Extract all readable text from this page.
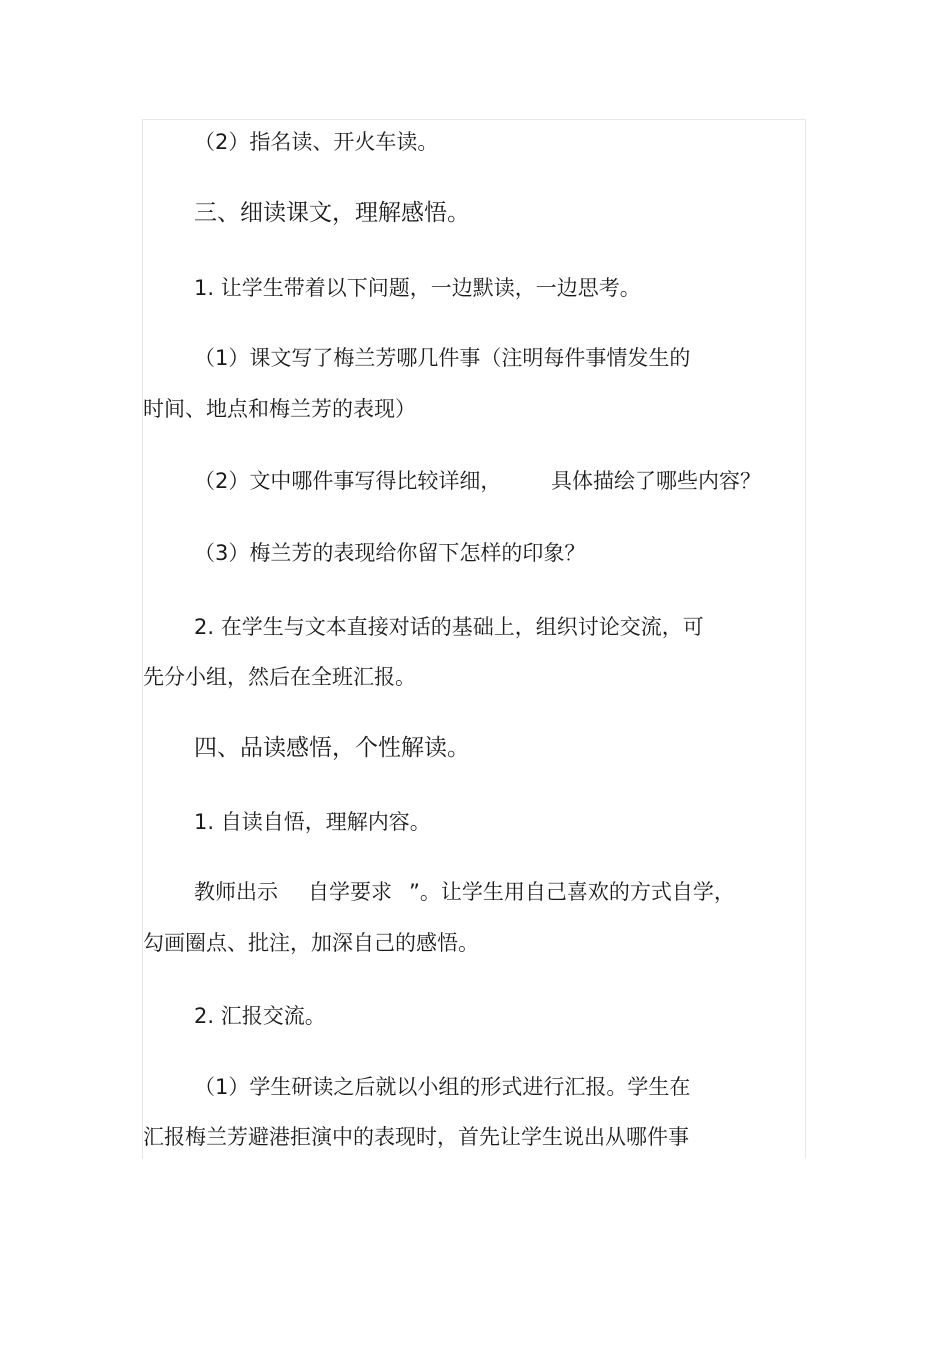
（2）指名读、开火车读。
三、细读课文，理解感悟。
1. 让学生带着以下问题，一边默读，一边思考。
（1）课文写了梅兰芳哪几件事（注明每件事情发生的
时间、地点和梅兰芳的表现）
（2）文中哪件事写得比较详细， 具体描绘了哪些内容？
（3）梅兰芳的表现给你留下怎样的印象？
2. 在学生与文本直接对话的基础上，组织讨论交流，可
先分小组，然后在全班汇报。
四、品读感悟，个性解读。
1. 自读自悟，理解内容。
教师出示 自学要求 ”。让学生用自己喜欢的方式自学，
勾画圈点、批注，加深自己的感悟。
2. 汇报交流。
（1）学生研读之后就以小组的形式进行汇报。学生在
汇报梅兰芳避港拒演中的表现时，首先让学生说出从哪件事
